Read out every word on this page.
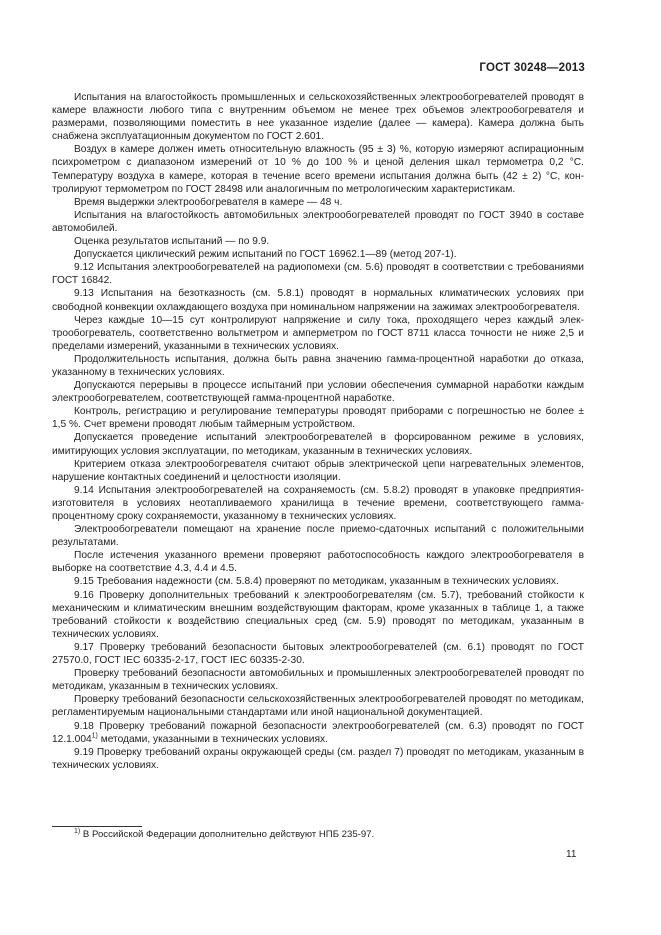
ГОСТ 30248—2013

Испытания на влагостойкость промышленных и сельскохозяйственных электрообогревателей проводят в камере влажности любого типа с внутренним объемом не менее трех объемов электрообогревателя и размерами, позволяющими поместить в нее указанное изделие (далее — камера). Камера должна быть снабжена эксплуатационным документом по ГОСТ 2.601.

Воздух в камере должен иметь относительную влажность (95 ± 3) %, которую измеряют аспирационным психрометром с диапазоном измерений от 10 % до 100 % и ценой деления шкал термометра 0,2 °С. Температуру воздуха в камере, которая в течение всего времени испытания должна быть (42 ± 2) °С, контролируют термометром по ГОСТ 28498 или аналогичным по метрологическим характеристикам.

Время выдержки электрообогревателя в камере — 48 ч.

Испытания на влагостойкость автомобильных электрообогревателей проводят по ГОСТ 3940 в составе автомобилей.

Оценка результатов испытаний — по 9.9.

Допускается циклический режим испытаний по ГОСТ 16962.1—89 (метод 207-1).

9.12 Испытания электрообогревателей на радиопомехи (см. 5.6) проводят в соответствии с требованиями ГОСТ 16842.

9.13 Испытания на безотказность (см. 5.8.1) проводят в нормальных климатических условиях при свободной конвекции охлаждающего воздуха при номинальном напряжении на зажимах электрообогревателя.

Через каждые 10—15 сут контролируют напряжение и силу тока, проходящего через каждый электрообогреватель, соответственно вольтметром и амперметром по ГОСТ 8711 класса точности не ниже 2,5 и пределами измерений, указанными в технических условиях.

Продолжительность испытания, должна быть равна значению гамма-процентной наработки до отказа, указанному в технических условиях.

Допускаются перерывы в процессе испытаний при условии обеспечения суммарной наработки каждым электрообогревателем, соответствующей гамма-процентной наработке.

Контроль, регистрацию и регулирование температуры проводят приборами с погрешностью не более ± 1,5 %. Счет времени проводят любым таймерным устройством.

Допускается проведение испытаний электрообогревателей в форсированном режиме в условиях, имитирующих условия эксплуатации, по методикам, указанным в технических условиях.

Критерием отказа электрообогревателя считают обрыв электрической цепи нагревательных элементов, нарушение контактных соединений и целостности изоляции.

9.14 Испытания электрообогревателей на сохраняемость (см. 5.8.2) проводят в упаковке предприятия-изготовителя в условиях неотапливаемого хранилища в течение времени, соответствующего гамма-процентному сроку сохраняемости, указанному в технических условиях.

Электрообогреватели помещают на хранение после приемо-сдаточных испытаний с положительными результатами.

После истечения указанного времени проверяют работоспособность каждого электрообогревателя в выборке на соответствие 4.3, 4.4 и 4.5.

9.15 Требования надежности (см. 5.8.4) проверяют по методикам, указанным в технических условиях.

9.16 Проверку дополнительных требований к электрообогревателям (см. 5.7), требований стойкости к механическим и климатическим внешним воздействующим факторам, кроме указанных в таблице 1, а также требований стойкости к воздействию специальных сред (см. 5.9) проводят по методикам, указанным в технических условиях.

9.17 Проверку требований безопасности бытовых электрообогревателей (см. 6.1) проводят по ГОСТ 27570.0, ГОСТ IEC 60335-2-17, ГОСТ IEC 60335-2-30.

Проверку требований безопасности автомобильных и промышленных электрообогревателей проводят по методикам, указанным в технических условиях.

Проверку требований безопасности сельскохозяйственных электрообогревателей проводят по методикам, регламентируемым национальными стандартами или иной национальной документацией.

9.18 Проверку требований пожарной безопасности электрообогревателей (см. 6.3) проводят по ГОСТ 12.1.004$^{1)}$ методами, указанными в технических условиях.

9.19 Проверку требований охраны окружающей среды (см. раздел 7) проводят по методикам, указанным в технических условиях.

$^{1)}$ В Российской Федерации дополнительно действуют НПБ 235-97.
11
